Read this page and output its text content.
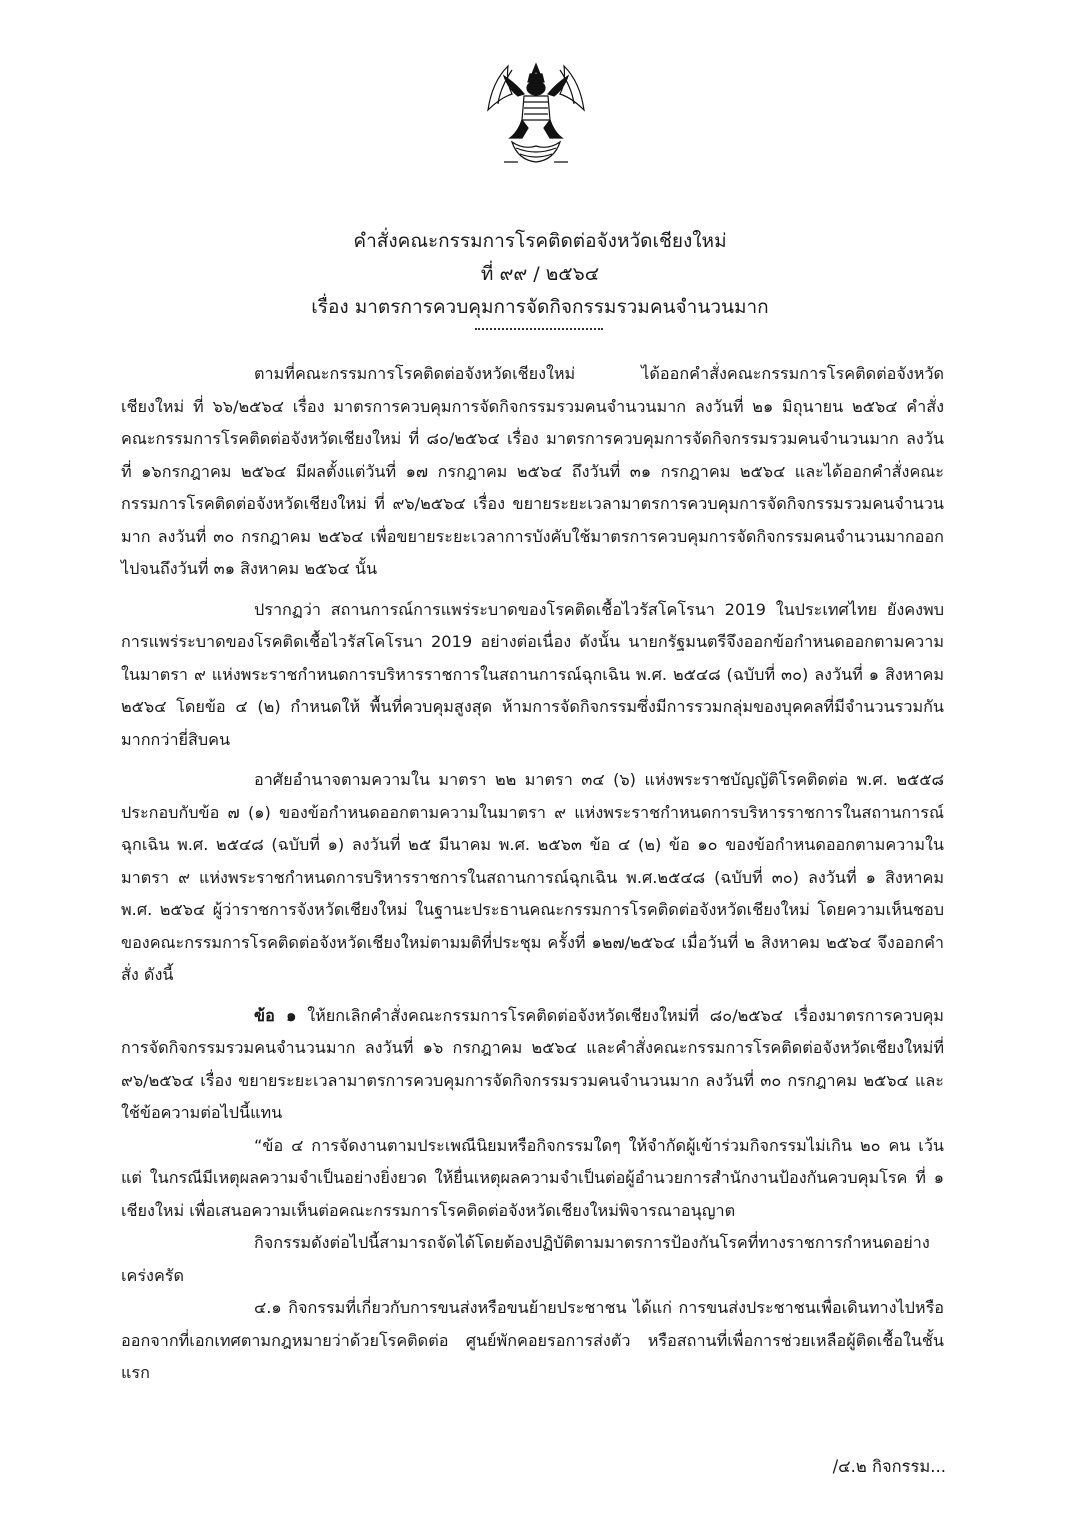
คำสั่งคณะกรรมการโรคติดต่อจังหวัดเชียงใหม่
ที่ ๙๙ / ๒๕๖๔
เรื่อง มาตรการควบคุมการจัดกิจกรรมรวมคนจำนวนมาก

ตามที่คณะกรรมการโรคติดต่อจังหวัดเชียงใหม่ ได้ออกคำสั่งคณะกรรมการโรคติดต่อจังหวัดเชียงใหม่ ที่ ๖๖/๒๕๖๔ เรื่อง มาตรการควบคุมการจัดกิจกรรมรวมคนจำนวนมาก ลงวันที่ ๒๑ มิถุนายน ๒๕๖๔ คำสั่งคณะกรรมการโรคติดต่อจังหวัดเชียงใหม่ ที่ ๘๐/๒๕๖๔ เรื่อง มาตรการควบคุมการจัดกิจกรรมรวมคนจำนวนมาก ลงวันที่ ๑๖กรกฎาคม ๒๕๖๔ มีผลตั้งแต่วันที่ ๑๗ กรกฎาคม ๒๕๖๔ ถึงวันที่ ๓๑ กรกฎาคม ๒๕๖๔ และได้ออกคำสั่งคณะกรรมการโรคติดต่อจังหวัดเชียงใหม่ ที่ ๙๖/๒๕๖๔ เรื่อง ขยายระยะเวลามาตรการควบคุมการจัดกิจกรรมรวมคนจำนวนมาก ลงวันที่ ๓๐ กรกฎาคม ๒๕๖๔ เพื่อขยายระยะเวลาการบังคับใช้มาตรการควบคุมการจัดกิจกรรมคนจำนวนมากออกไปจนถึงวันที่ ๓๑ สิงหาคม ๒๕๖๔ นั้น

ปรากฏว่า สถานการณ์การแพร่ระบาดของโรคติดเชื้อไวรัสโคโรนา 2019 ในประเทศไทย ยังคงพบการแพร่ระบาดของโรคติดเชื้อไวรัสโคโรนา 2019 อย่างต่อเนื่อง ดังนั้น นายกรัฐมนตรีจึงออกข้อกำหนดออกตามความในมาตรา ๙ แห่งพระราชกำหนดการบริหารราชการในสถานการณ์ฉุกเฉิน พ.ศ. ๒๕๔๘ (ฉบับที่ ๓๐) ลงวันที่ ๑ สิงหาคม ๒๕๖๔ โดยข้อ ๔ (๒) กำหนดให้ พื้นที่ควบคุมสูงสุด ห้ามการจัดกิจกรรมซึ่งมีการรวมกลุ่มของบุคคลที่มีจำนวนรวมกันมากกว่ายี่สิบคน

อาศัยอำนาจตามความใน มาตรา ๒๒ มาตรา ๓๔ (๖) แห่งพระราชบัญญัติโรคติดต่อ พ.ศ. ๒๕๕๘ ประกอบกับข้อ ๗ (๑) ของข้อกำหนดออกตามความในมาตรา ๙ แห่งพระราชกำหนดการบริหารราชการในสถานการณ์ฉุกเฉิน พ.ศ. ๒๕๔๘ (ฉบับที่ ๑) ลงวันที่ ๒๕ มีนาคม พ.ศ. ๒๕๖๓ ข้อ ๔ (๒) ข้อ ๑๐ ของข้อกำหนดออกตามความในมาตรา ๙ แห่งพระราชกำหนดการบริหารราชการในสถานการณ์ฉุกเฉิน พ.ศ.๒๕๔๘ (ฉบับที่ ๓๐) ลงวันที่ ๑ สิงหาคม พ.ศ. ๒๕๖๔ ผู้ว่าราชการจังหวัดเชียงใหม่ ในฐานะประธานคณะกรรมการโรคติดต่อจังหวัดเชียงใหม่ โดยความเห็นชอบของคณะกรรมการโรคติดต่อจังหวัดเชียงใหม่ตามมติที่ประชุม ครั้งที่ ๑๒๗/๒๕๖๔ เมื่อวันที่ ๒ สิงหาคม ๒๕๖๔ จึงออกคำสั่ง ดังนี้

ข้อ ๑ ให้ยกเลิกคำสั่งคณะกรรมการโรคติดต่อจังหวัดเชียงใหม่ที่ ๘๐/๒๕๖๔ เรื่องมาตรการควบคุมการจัดกิจกรรมรวมคนจำนวนมาก ลงวันที่ ๑๖ กรกฎาคม ๒๕๖๔ และคำสั่งคณะกรรมการโรคติดต่อจังหวัดเชียงใหม่ที่ ๙๖/๒๕๖๔ เรื่อง ขยายระยะเวลามาตรการควบคุมการจัดกิจกรรมรวมคนจำนวนมาก ลงวันที่ ๓๐ กรกฎาคม ๒๕๖๔ และใช้ข้อความต่อไปนี้แทน

“ข้อ ๔ การจัดงานตามประเพณีนิยมหรือกิจกรรมใดๆ ให้จำกัดผู้เข้าร่วมกิจกรรมไม่เกิน ๒๐ คน เว้นแต่ ในกรณีมีเหตุผลความจำเป็นอย่างยิ่งยวด ให้ยื่นเหตุผลความจำเป็นต่อผู้อำนวยการสำนักงานป้องกันควบคุมโรค ที่ ๑ เชียงใหม่ เพื่อเสนอความเห็นต่อคณะกรรมการโรคติดต่อจังหวัดเชียงใหม่พิจารณาอนุญาต

กิจกรรมดังต่อไปนี้สามารถจัดได้โดยต้องปฏิบัติตามมาตรการป้องกันโรคที่ทางราชการกำหนดอย่างเคร่งครัด

๔.๑ กิจกรรมที่เกี่ยวกับการขนส่งหรือขนย้ายประชาชน ได้แก่ การขนส่งประชาชนเพื่อเดินทางไปหรือออกจากที่เอกเทศตามกฎหมายว่าด้วยโรคติดต่อ ศูนย์พักคอยรอการส่งตัว หรือสถานที่เพื่อการช่วยเหลือผู้ติดเชื้อในชั้นแรก

/๔.๒ กิจกรรม...
